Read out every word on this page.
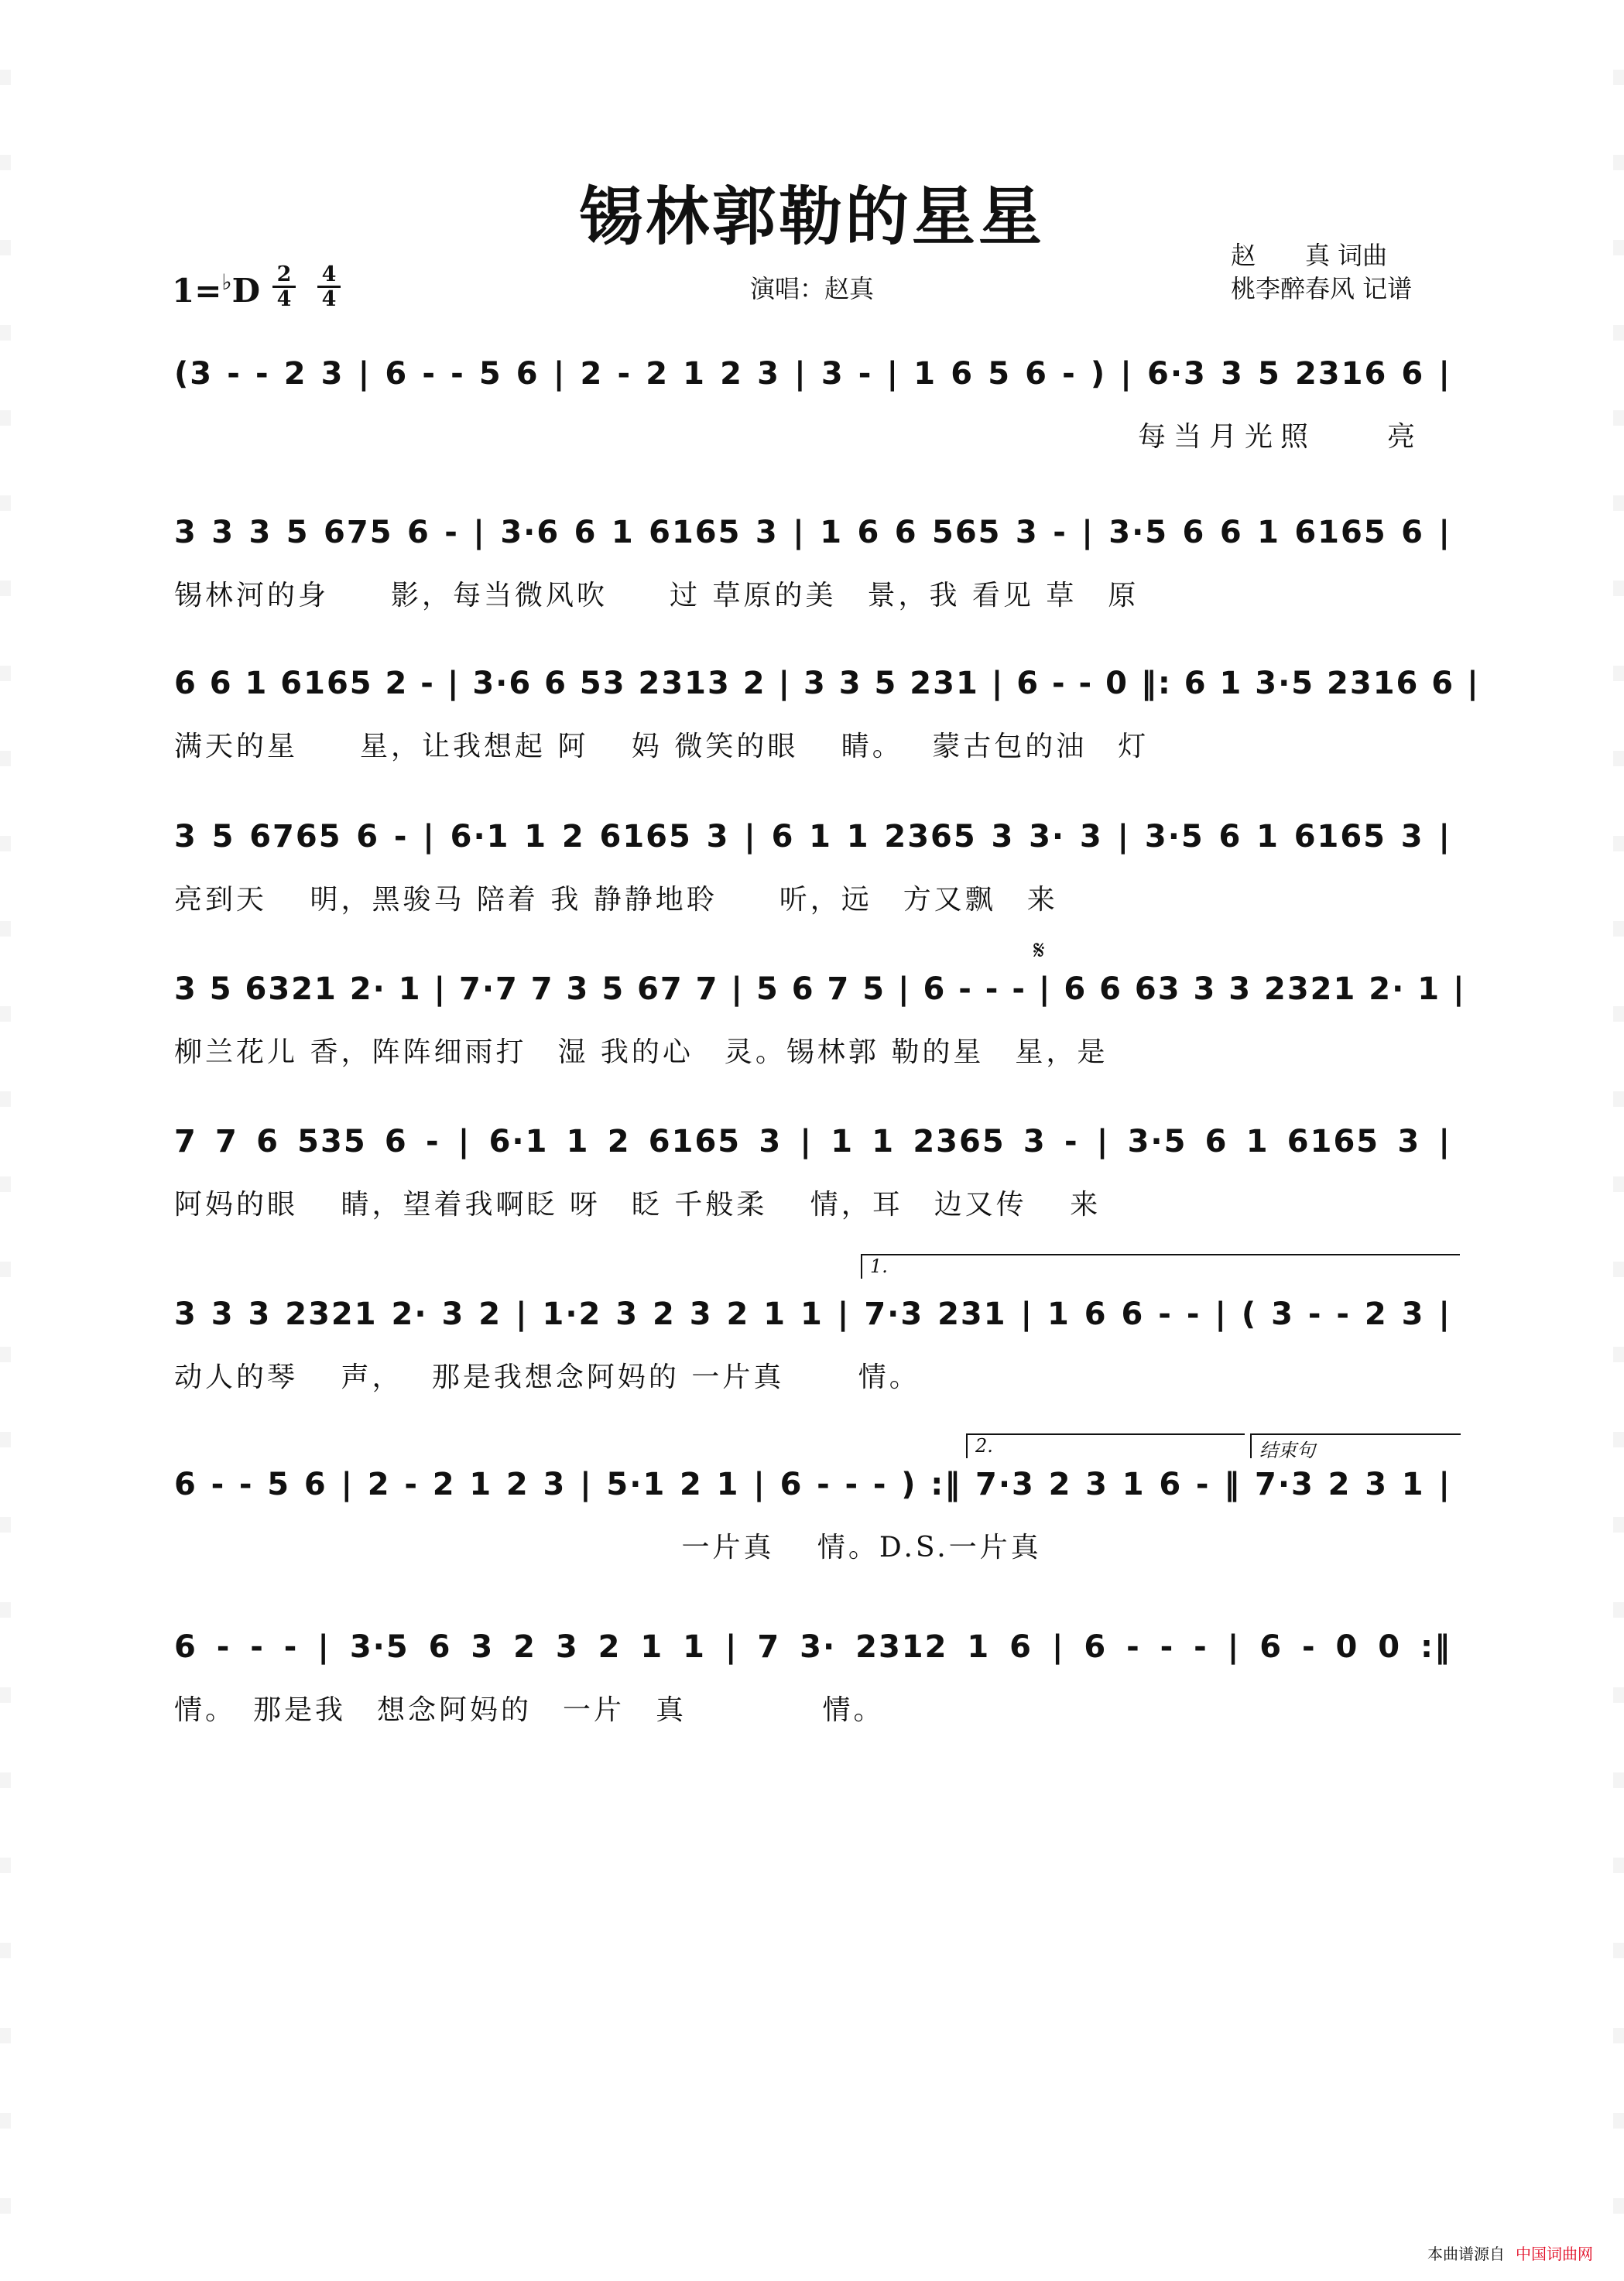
锡林郭勒的星星
赵　　真 词曲
桃李醉春风 记谱
$1=^♭D \frac{2}{4} \frac{4}{4}$	演唱：赵真
(3 - - 2 3 | 6 - - 5 6 | 2 - 2 1 2 3 | 3 - | 1 6 5 6 - ) | 6·3 3 5 2316 6 |
每当月光照　　亮
3 3 3 5 675 6 - | 3·6 6 1 6165 3 | 1 6 6 565 3 - | 3·5 6 6 1 6165 6 |
锡林河的身　　影，每当微风吹　　过 草原的美　景，我 看见 草　原
6 6 1 6165 2 - | 3·6 6 53 2313 2 | 3 3 5 231 | 6 - - 0 ‖: 6 1 3·5 2316 6 |
满天的星　　星，让我想起 阿　 妈 微笑的眼　 睛。　 蒙古包的油　灯
3 5 6765 6 - | 6·1 1 2 6165 3 | 6 1 1 2365 3 3· 3 | 3·5 6 1 6165 3 |
亮到天　 明，黑骏马 陪着 我 静静地聆　　听，远　方又飘　来
𝄋
3 5 6321 2· 1 | 7·7 7 3 5 67 7 | 5 6 7 5 | 6 - - - | 6 6 63 3 3 2321 2· 1 |
柳兰花儿 香，阵阵细雨打　湿 我的心　灵。锡林郭 勒的星　星，是
7 7 6 535 6 - | 6·1 1 2 6165 3 | 1 1 2365 3 - | 3·5 6 1 6165 3 |
阿妈的眼　 睛，望着我啊眨 呀　眨 千般柔　 情，耳　边又传　 来
1.
3 3 3 2321 2· 3 2 | 1·2 3 2 3 2 1 1 | 7·3 231 | 1 6 6 - - | ( 3 - - 2 3 |
动人的琴　 声，　 那是我想念阿妈的 一片真　　 情。
2.	结束句
6 - - 5 6 | 2 - 2 1 2 3 | 5·1 2 1 | 6 - - - ) :‖ 7·3 2 3 1 6 - ‖ 7·3 2 3 1 |
　　　　　　　　　　　　　　　　 一片真　 情。D.S.一片真
6 - - - | 3·5 6 3 2 3 2 1 1 | 7 3· 2312 1 6 | 6 - - - | 6 - 0 0 :‖
情。　那是我　想念阿妈的　一片　真　　　　 情。
本曲谱源自 中国词曲网
